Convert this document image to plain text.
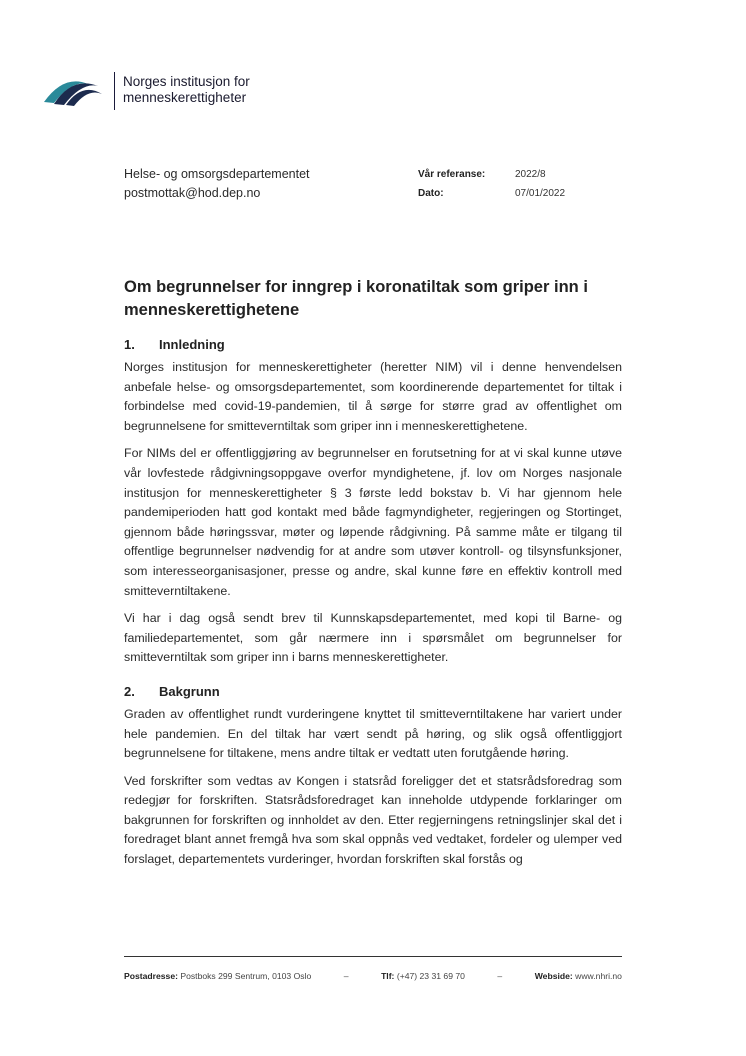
Norges institusjon for
menneskerettigheter
Helse- og omsorgsdepartementet
postmottak@hod.dep.no
Vår referanse:	2022/8
Dato:	07/01/2022
Om begrunnelser for inngrep i koronatiltak som griper inn i menneskerettighetene
1.	Innledning

Norges institusjon for menneskerettigheter (heretter NIM) vil i denne henvendelsen anbefale helse- og omsorgsdepartementet, som koordinerende departementet for tiltak i forbindelse med covid-19-pandemien, til å sørge for større grad av offentlighet om begrunnelsene for smitteverntiltak som griper inn i menneskerettighetene.

For NIMs del er offentliggjøring av begrunnelser en forutsetning for at vi skal kunne utøve vår lovfestede rådgivningsoppgave overfor myndighetene, jf. lov om Norges nasjonale institusjon for menneskerettigheter § 3 første ledd bokstav b. Vi har gjennom hele pandemiperioden hatt god kontakt med både fagmyndigheter, regjeringen og Stortinget, gjennom både høringssvar, møter og løpende rådgivning. På samme måte er tilgang til offentlige begrunnelser nødvendig for at andre som utøver kontroll- og tilsynsfunksjoner, som interesseorganisasjoner, presse og andre, skal kunne føre en effektiv kontroll med smitteverntiltakene.

Vi har i dag også sendt brev til Kunnskapsdepartementet, med kopi til Barne- og familiedepartementet, som går nærmere inn i spørsmålet om begrunnelser for smitteverntiltak som griper inn i barns menneskerettigheter.

2.	Bakgrunn

Graden av offentlighet rundt vurderingene knyttet til smitteverntiltakene har variert under hele pandemien. En del tiltak har vært sendt på høring, og slik også offentliggjort begrunnelsene for tiltakene, mens andre tiltak er vedtatt uten forutgående høring.

Ved forskrifter som vedtas av Kongen i statsråd foreligger det et statsrådsforedrag som redegjør for forskriften. Statsrådsforedraget kan inneholde utdypende forklaringer om bakgrunnen for forskriften og innholdet av den. Etter regjerningens retningslinjer skal det i foredraget blant annet fremgå hva som skal oppnås ved vedtaket, fordeler og ulemper ved forslaget, departementets vurderinger, hvordan forskriften skal forstås og

Postadresse: Postboks 299 Sentrum, 0103 Oslo	–	Tlf: (+47) 23 31 69 70	–	Webside: www.nhri.no
